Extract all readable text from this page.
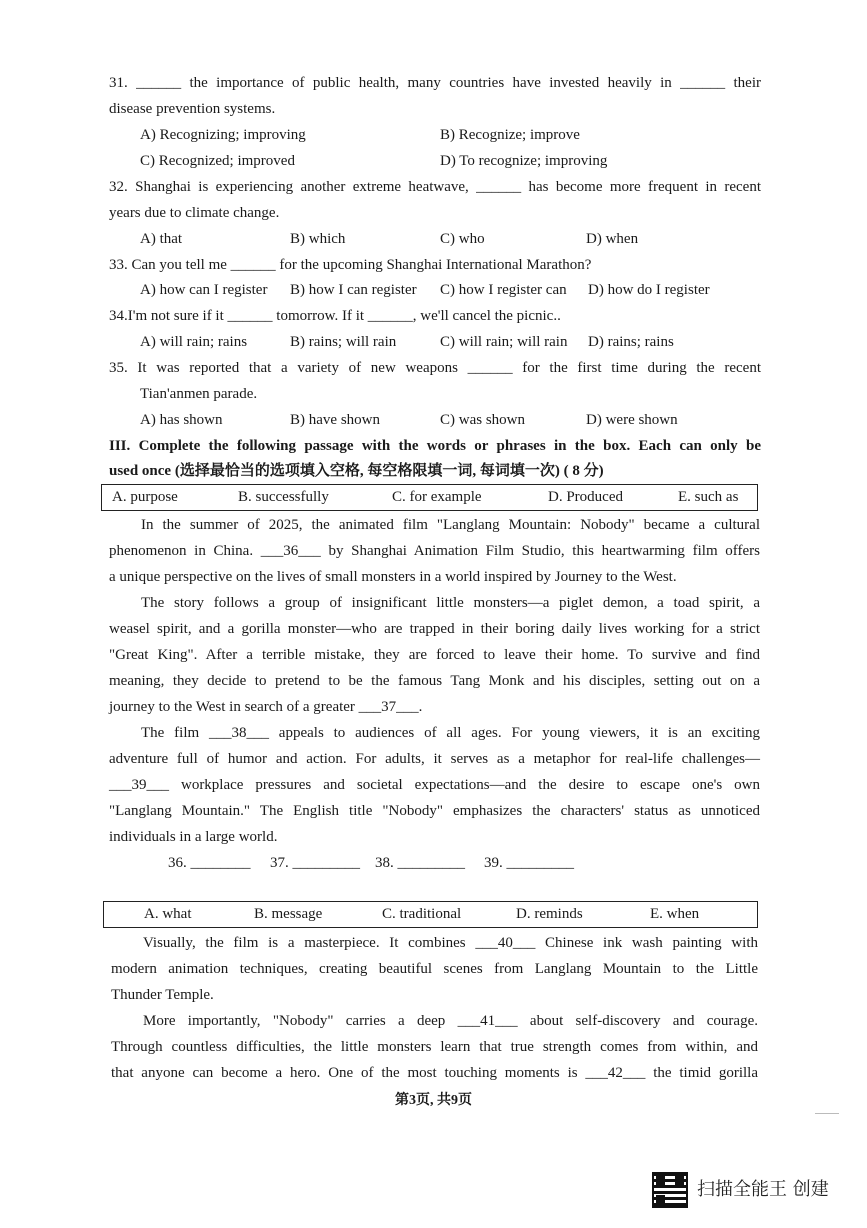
31. ______ the importance of public health, many countries have invested heavily in ______ their
disease prevention systems.
A) Recognizing; improving	B) Recognize; improve
C) Recognized; improved	D) To recognize; improving
32. Shanghai is experiencing another extreme heatwave, ______ has become more frequent in recent
years due to climate change.
A) that	B) which	C) who	D) when
33. Can you tell me ______ for the upcoming Shanghai International Marathon?
A) how can I register B) how I can register C) how I register can D) how do I register
34.I'm not sure if it ______ tomorrow. If it ______, we'll cancel the picnic..
A) will rain; rains	B) rains; will rain	C) will rain; will rain D) rains; rains
35. It was reported that a variety of new weapons ______ for the first time during the recent
Tian'anmen parade.
A) has shown	B) have shown	C) was shown	D) were shown
III. Complete the following passage with the words or phrases in the box. Each can only be
used once (选择最恰当的选项填入空格, 每空格限填一词, 每词填一次) ( 8 分)
A. purpose	B. successfully	C. for example	D. Produced	E. such as
In the summer of 2025, the animated film "Langlang Mountain: Nobody" became a cultural
phenomenon in China. ___36___ by Shanghai Animation Film Studio, this heartwarming film offers
a unique perspective on the lives of small monsters in a world inspired by Journey to the West.
The story follows a group of insignificant little monsters—a piglet demon, a toad spirit, a
weasel spirit, and a gorilla monster—who are trapped in their boring daily lives working for a strict
"Great King". After a terrible mistake, they are forced to leave their home. To survive and find
meaning, they decide to pretend to be the famous Tang Monk and his disciples, setting out on a
journey to the West in search of a greater ___37___.
The film ___38___ appeals to audiences of all ages. For young viewers, it is an exciting
adventure full of humor and action. For adults, it serves as a metaphor for real-life challenges—
___39___ workplace pressures and societal expectations—and the desire to escape one's own
"Langlang Mountain." The English title "Nobody" emphasizes the characters' status as unnoticed
individuals in a large world.
36. ________ 37. _________ 38. _________ 39. _________
A. what	B. message	C. traditional	D. reminds	E. when
Visually, the film is a masterpiece. It combines ___40___ Chinese ink wash painting with
modern animation techniques, creating beautiful scenes from Langlang Mountain to the Little
Thunder Temple.
More importantly, "Nobody" carries a deep ___41___ about self-discovery and courage.
Through countless difficulties, the little monsters learn that true strength comes from within, and
that anyone can become a hero. One of the most touching moments is ___42___ the timid gorilla
第3页, 共9页
扫描全能王 创建
